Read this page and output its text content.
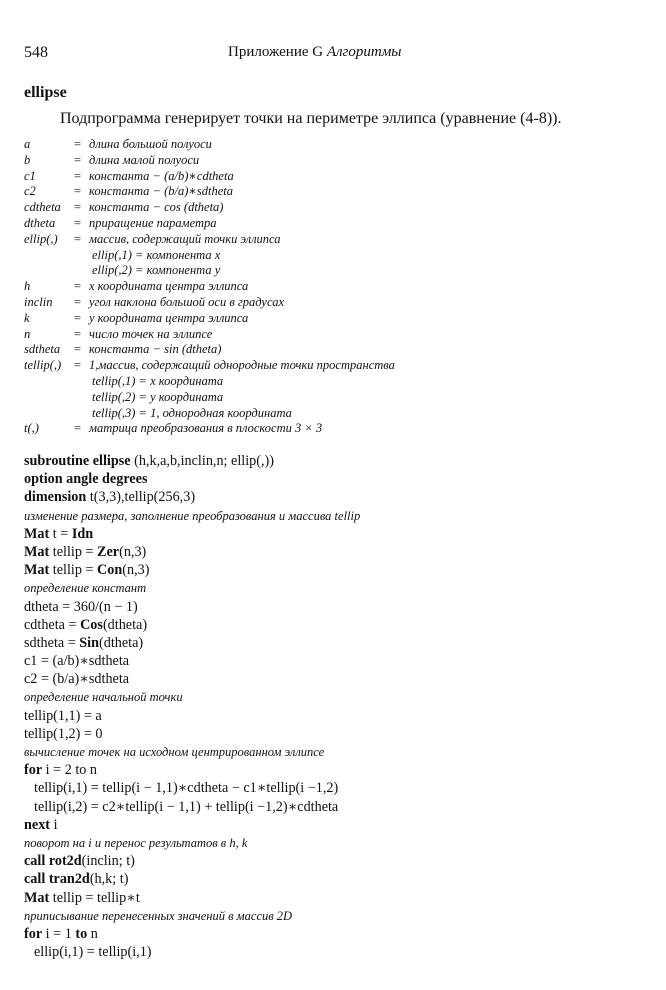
548	Приложение G Алгоритмы
ellipse
Подпрограмма генерирует точки на периметре эллипса (уравнение (4-8)).
a	= длина большой полуоси
b	= длина малой полуоси
c1	= константа − (a/b)∗cdtheta
c2	= константа − (b/a)∗sdtheta
cdtheta = константа − cos (dtheta)
dtheta = приращение параметра
ellip(,) = массив, содержащий точки эллипса
ellip(,1) = компонента x
ellip(,2) = компонента y
h	= x координата центра эллипса
inclin = угол наклона большой оси в градусах
k	= y координата центра эллипса
n	= число точек на эллипсе
sdtheta = константа − sin (dtheta)
tellip(,) = 1,массив, содержащий однородные точки пространства
tellip(,1) = x координата
tellip(,2) = y координата
tellip(,3) = 1, однородная координата
t(,)	= матрица преобразования в плоскости 3 × 3
subroutine ellipse (h,k,a,b,inclin,n; ellip(,))
option angle degrees
dimension t(3,3),tellip(256,3)
изменение размера, заполнение преобразования и массива tellip
Mat t = Idn
Mat tellip = Zer(n,3)
Mat tellip = Con(n,3)
определение констант
dtheta = 360/(n − 1)
cdtheta = Cos(dtheta)
sdtheta = Sin(dtheta)
c1 = (a/b)∗sdtheta
c2 = (b/a)∗sdtheta
определение начальной точки
tellip(1,1) = a
tellip(1,2) = 0
вычисление точек на исходном центрированном эллипсе
for i = 2 to n
tellip(i,1) = tellip(i − 1,1)∗cdtheta − c1∗tellip(i −1,2)
tellip(i,2) = c2∗tellip(i − 1,1) + tellip(i −1,2)∗cdtheta
next i
поворот на i и перенос результатов в h, k
call rot2d(inclin; t)
call tran2d(h,k; t)
Mat tellip = tellip∗t
приписывание перенесенных значений в массив 2D
for i = 1 to n
ellip(i,1) = tellip(i,1)
